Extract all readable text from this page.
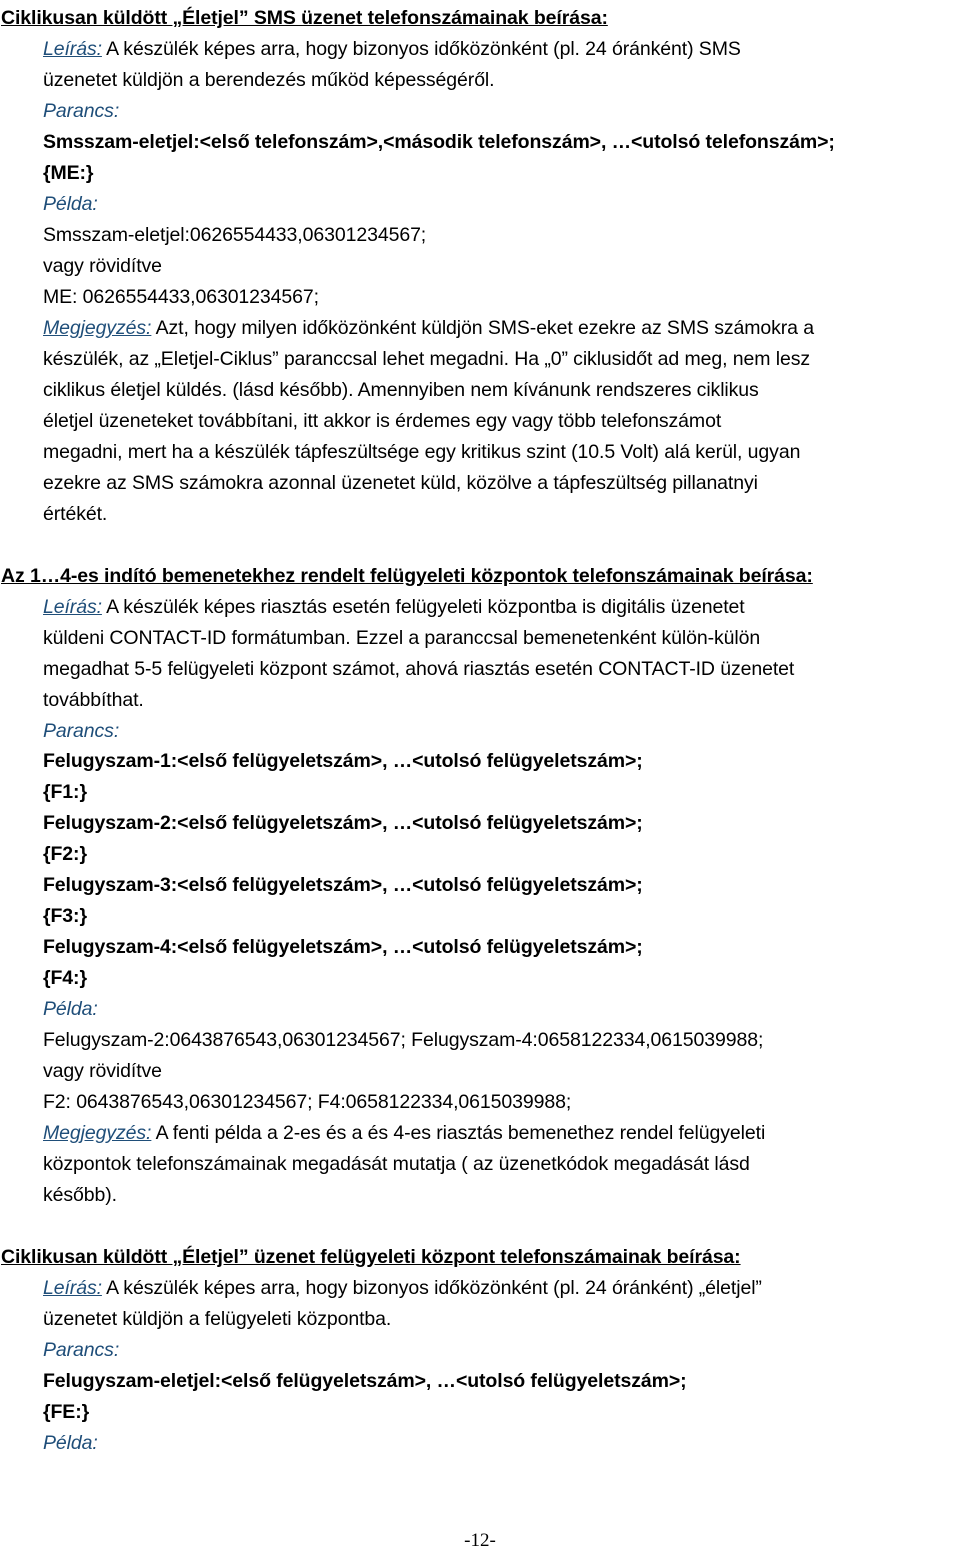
Ciklikusan küldött „Életjel” SMS üzenet telefonszámainak beírása:
Leírás: A készülék képes arra, hogy bizonyos időközönként (pl. 24 óránként) SMS
üzenetet küldjön a berendezés működ képességéről.
Parancs:
Smsszam-eletjel:<első telefonszám>,<második telefonszám>, …<utolsó telefonszám>;
{ME:}
Példa:
Smsszam-eletjel:0626554433,06301234567;
vagy rövidítve
ME: 0626554433,06301234567;
Megjegyzés: Azt, hogy milyen időközönként küldjön SMS-eket ezekre az SMS számokra a
készülék, az „Eletjel-Ciklus” paranccsal lehet megadni. Ha „0” ciklusidőt ad meg, nem lesz
ciklikus életjel küldés. (lásd később). Amennyiben nem kívánunk rendszeres ciklikus
életjel üzeneteket továbbítani, itt akkor is érdemes egy vagy több telefonszámot
megadni, mert ha a készülék tápfeszültsége egy kritikus szint (10.5 Volt) alá kerül, ugyan
ezekre az SMS számokra azonnal üzenetet küld, közölve a tápfeszültség pillanatnyi
értékét.
Az 1…4-es indító bemenetekhez rendelt felügyeleti központok telefonszámainak beírása:
Leírás: A készülék képes riasztás esetén felügyeleti központba is digitális üzenetet
küldeni CONTACT-ID formátumban. Ezzel a paranccsal bemenetenként külön-külön
megadhat 5-5 felügyeleti központ számot, ahová riasztás esetén CONTACT-ID üzenetet
továbbíthat.
Parancs:
Felugyszam-1:<első felügyeletszám>, …<utolsó felügyeletszám>;
{F1:}
Felugyszam-2:<első felügyeletszám>, …<utolsó felügyeletszám>;
{F2:}
Felugyszam-3:<első felügyeletszám>, …<utolsó felügyeletszám>;
{F3:}
Felugyszam-4:<első felügyeletszám>, …<utolsó felügyeletszám>;
{F4:}
Példa:
Felugyszam-2:0643876543,06301234567; Felugyszam-4:0658122334,0615039988;
vagy rövidítve
F2: 0643876543,06301234567; F4:0658122334,0615039988;
Megjegyzés: A fenti példa a 2-es és a és 4-es riasztás bemenethez rendel felügyeleti
központok telefonszámainak megadását mutatja ( az üzenetkódok megadását lásd
később).
Ciklikusan küldött „Életjel” üzenet felügyeleti központ telefonszámainak beírása:
Leírás: A készülék képes arra, hogy bizonyos időközönként (pl. 24 óránként) „életjel”
üzenetet küldjön a felügyeleti központba.
Parancs:
Felugyszam-eletjel:<első felügyeletszám>, …<utolsó felügyeletszám>;
{FE:}
Példa:
-12-
